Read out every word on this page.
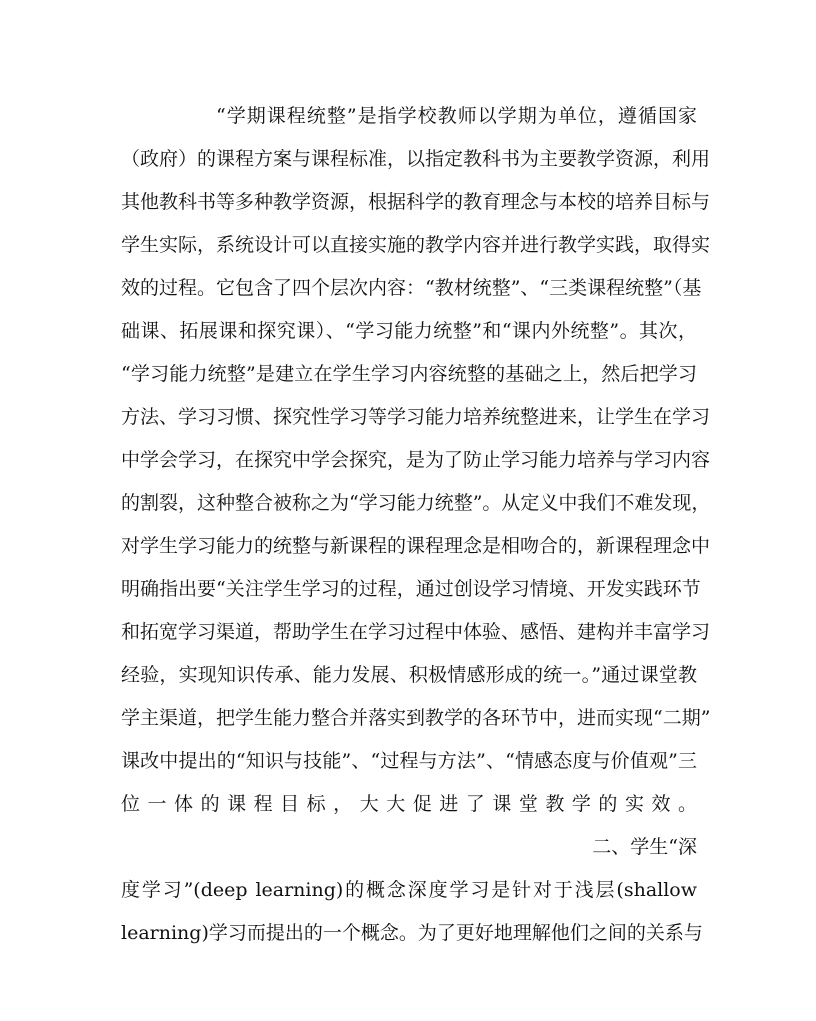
“学期课程统整”是指学校教师以学期为单位，遵循国家
（政府）的课程方案与课程标准，以指定教科书为主要教学资源，利用
其他教科书等多种教学资源，根据科学的教育理念与本校的培养目标与
学生实际，系统设计可以直接实施的教学内容并进行教学实践，取得实
效的过程。它包含了四个层次内容：“教材统整”、“三类课程统整”（基
础课、拓展课和探究课）、“学习能力统整”和“课内外统整”。其次，
“学习能力统整”是建立在学生学习内容统整的基础之上，然后把学习
方法、学习习惯、探究性学习等学习能力培养统整进来，让学生在学习
中学会学习，在探究中学会探究，是为了防止学习能力培养与学习内容
的割裂，这种整合被称之为“学习能力统整”。从定义中我们不难发现，
对学生学习能力的统整与新课程的课程理念是相吻合的，新课程理念中
明确指出要“关注学生学习的过程，通过创设学习情境、开发实践环节
和拓宽学习渠道，帮助学生在学习过程中体验、感悟、建构并丰富学习
经验，实现知识传承、能力发展、积极情感形成的统一。”通过课堂教
学主渠道，把学生能力整合并落实到教学的各环节中，进而实现“二期”
课改中提出的“知识与技能”、“过程与方法”、“情感态度与价值观”三
位 一 体 的 课 程 目 标 ， 大 大 促 进 了 课 堂 教 学 的 实 效 。
二、学生“深
度学习”(deep learning)的概念深度学习是针对于浅层(shallow
learning)学习而提出的一个概念。为了更好地理解他们之间的关系与
